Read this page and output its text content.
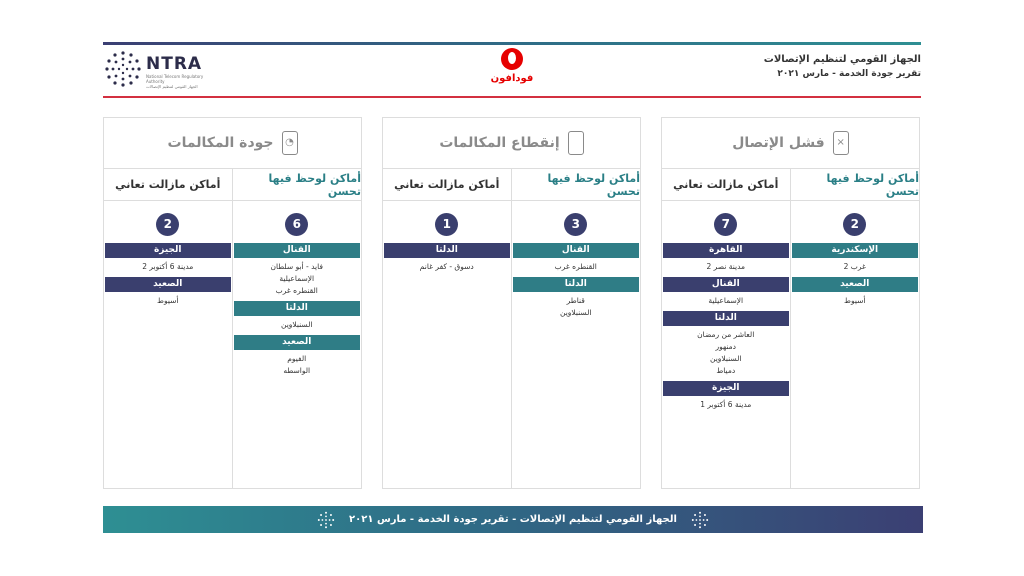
NTRA
National Telecom Regulatory Authority
الجهاز القومي لتنظيم الإتصالات
فودافون
الجهاز القومي لتنظيم الإتصالات
تقرير جودة الخدمة - مارس ٢٠٢١
◔
جودة المكالمات
أماكن لوحظ فيها تحسن
6
القنال
فايد - أبو سلطان
الإسماعيلية
القنطره غرب
الدلتا
السنبلاوين
الصعيد
الفيوم
الواسطه
أماكن مازالت تعاني
2
الجيزة
مدينة 6 أكتوبر 2
الصعيد
أسيوط
إنقطاع المكالمات
أماكن لوحظ فيها تحسن
3
القنال
القنطره غرب
الدلتا
قناطر
السنبلاوين
أماكن مازالت تعاني
1
الدلتا
دسوق - كفر غانم
×
فشل الإتصال
أماكن لوحظ فيها تحسن
2
الإسكندرية
غرب 2
الصعيد
أسيوط
أماكن مازالت تعاني
7
القاهرة
مدينة نصر 2
القنال
الإسماعيلية
الدلتا
العاشر من رمضان
دمنهور
السنبلاوين
دمياط
الجيزة
مدينة 6 أكتوبر 1
الجهاز القومي لتنظيم الإتصالات - تقرير جودة الخدمة - مارس ٢٠٢١
